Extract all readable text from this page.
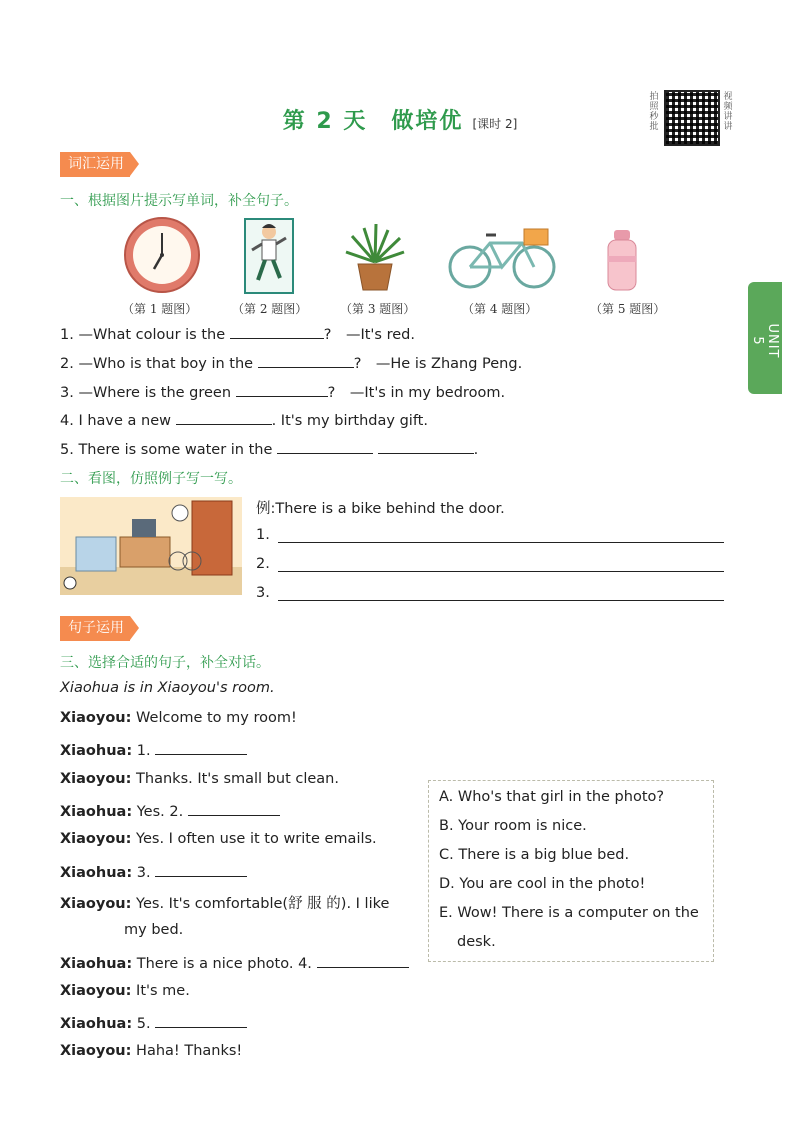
第 2 天　做培优 [课时 2]
拍照秒批
视频讲讲
UNIT 5
词汇运用
一、根据图片提示写单词，补全句子。
（第 1 题图）	（第 2 题图）	（第 3 题图）	（第 4 题图）	（第 5 题图）
1. —What colour is the	?　—It's red.
2. —Who is that boy in the	?　—He is Zhang Peng.
3. —Where is the green	?　—It's in my bedroom.
4. I have a new	. It's my birthday gift.
5. There is some water in the	.
二、看图，仿照例子写一写。
例:There is a bike behind the door.
1.
2.
3.
句子运用
三、选择合适的句子，补全对话。
Xiaohua is in Xiaoyou's room.
Xiaoyou: Welcome to my room!
Xiaohua: 1.
Xiaoyou: Thanks. It's small but clean.
Xiaohua: Yes. 2.
Xiaoyou: Yes. I often use it to write emails.
Xiaohua: 3.
Xiaoyou: Yes. It's comfortable(舒 服 的). I like
my bed.
Xiaohua: There is a nice photo. 4.
Xiaoyou: It's me.
Xiaohua: 5.
Xiaoyou: Haha! Thanks!
A. Who's that girl in the photo?
B. Your room is nice.
C. There is a big blue bed.
D. You are cool in the photo!
E. Wow! There is a computer on the
desk.
